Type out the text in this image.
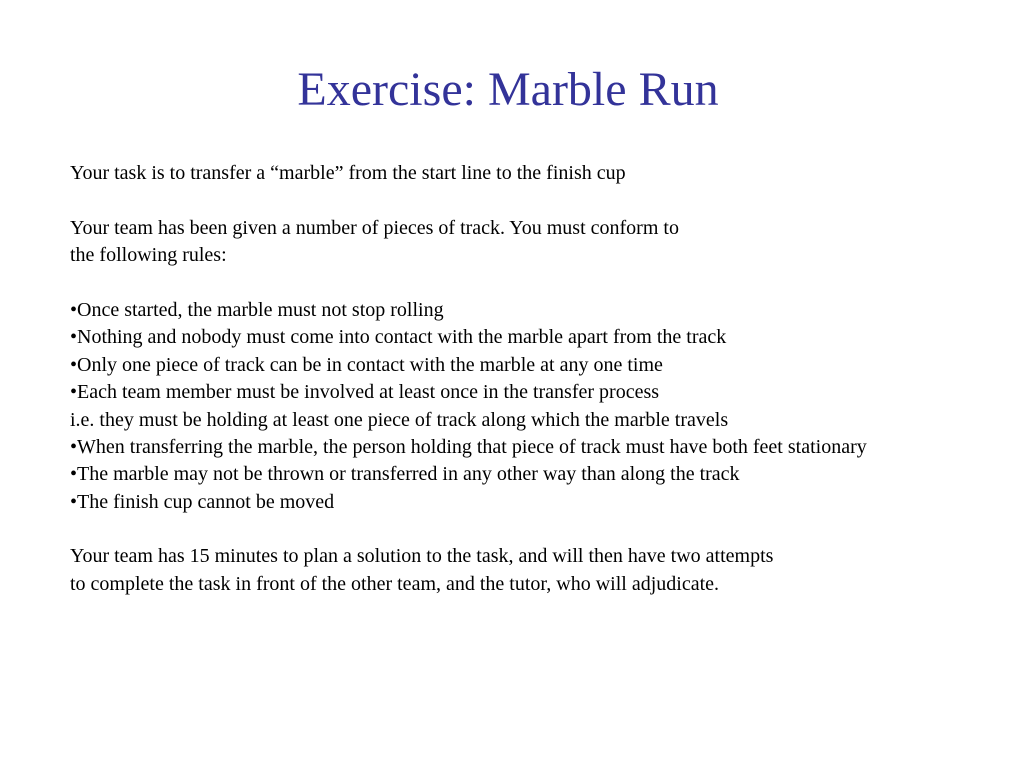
Exercise: Marble Run
Your task is to transfer a “marble” from the start line to the finish cup
Your team has been given a number of pieces of track. You must conform to
the following rules:
•Once started, the marble must not stop rolling
•Nothing and nobody must come into contact with the marble apart from the track
•Only one piece of track can be in contact with the marble at any one time
•Each team member must be involved at least once in the transfer process
i.e. they must be holding at least one piece of track along which the marble travels
•When transferring the marble, the person holding that piece of track must have both feet stationary
•The marble may not be thrown or transferred in any other way than along the track
•The finish cup cannot be moved
Your team has 15 minutes to plan a solution to the task, and will then have two attempts
to complete the task in front of the other team, and the tutor, who will adjudicate.
